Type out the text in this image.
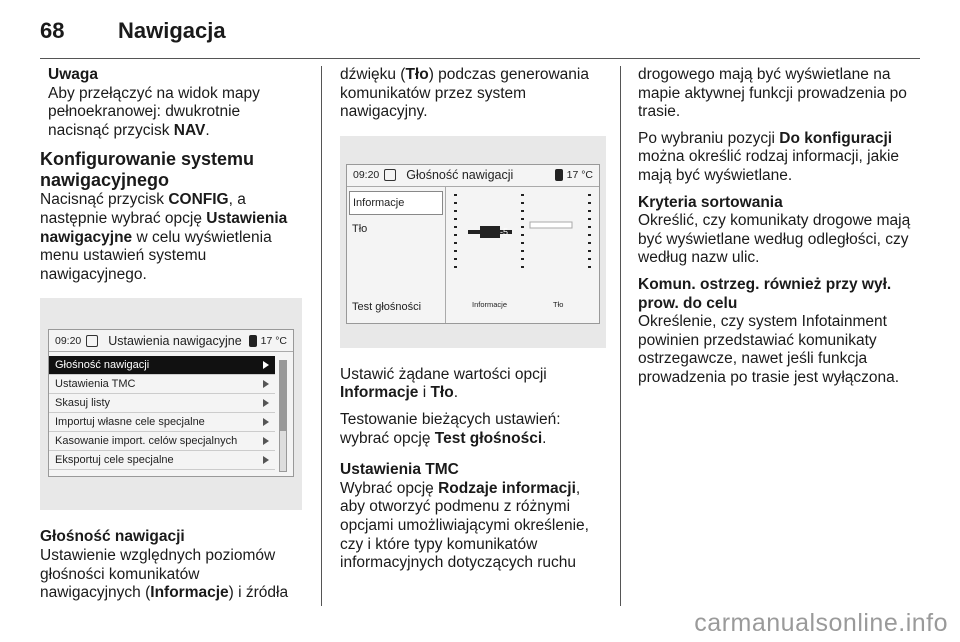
68 Nawigacja

Uwaga

Aby przełączyć na widok mapy pełnoekranowej: dwukrotnie nacisnąć przycisk NAV.

Konfigurowanie systemu nawigacyjnego

Nacisnąć przycisk CONFIG, a następnie wybrać opcję Ustawienia nawigacyjne w celu wyświetlenia menu ustawień systemu nawigacyjnego.

09:20	Ustawienia nawigacyjne	17 °C
Głośność nawigacji
Ustawienia TMC
Skasuj listy
Importuj własne cele specjalne
Kasowanie import. celów specjalnych
Eksportuj cele specjalne

Głośność nawigacji

Ustawienie względnych poziomów głośności komunikatów nawigacyjnych (Informacje) i źródła

dźwięku (Tło) podczas generowania komunikatów przez system nawigacyjny.

09:20	Głośność nawigacji	17 °C
Informacje
Tło
Test głośności
-5
Informacje	Tło

Ustawić żądane wartości opcji Informacje i Tło.

Testowanie bieżących ustawień: wybrać opcję Test głośności.

Ustawienia TMC

Wybrać opcję Rodzaje informacji, aby otworzyć podmenu z różnymi opcjami umożliwiającymi określenie, czy i które typy komunikatów informacyjnych dotyczących ruchu

drogowego mają być wyświetlane na mapie aktywnej funkcji prowadzenia po trasie.

Po wybraniu pozycji Do konfiguracji można określić rodzaj informacji, jakie mają być wyświetlane.

Kryteria sortowania

Określić, czy komunikaty drogowe mają być wyświetlane według odległości, czy według nazw ulic.

Komun. ostrzeg. również przy wył. prow. do celu

Określenie, czy system Infotainment powinien przedstawiać komunikaty ostrzegawcze, nawet jeśli funkcja prowadzenia po trasie jest wyłączona.

carmanualsonline.info
